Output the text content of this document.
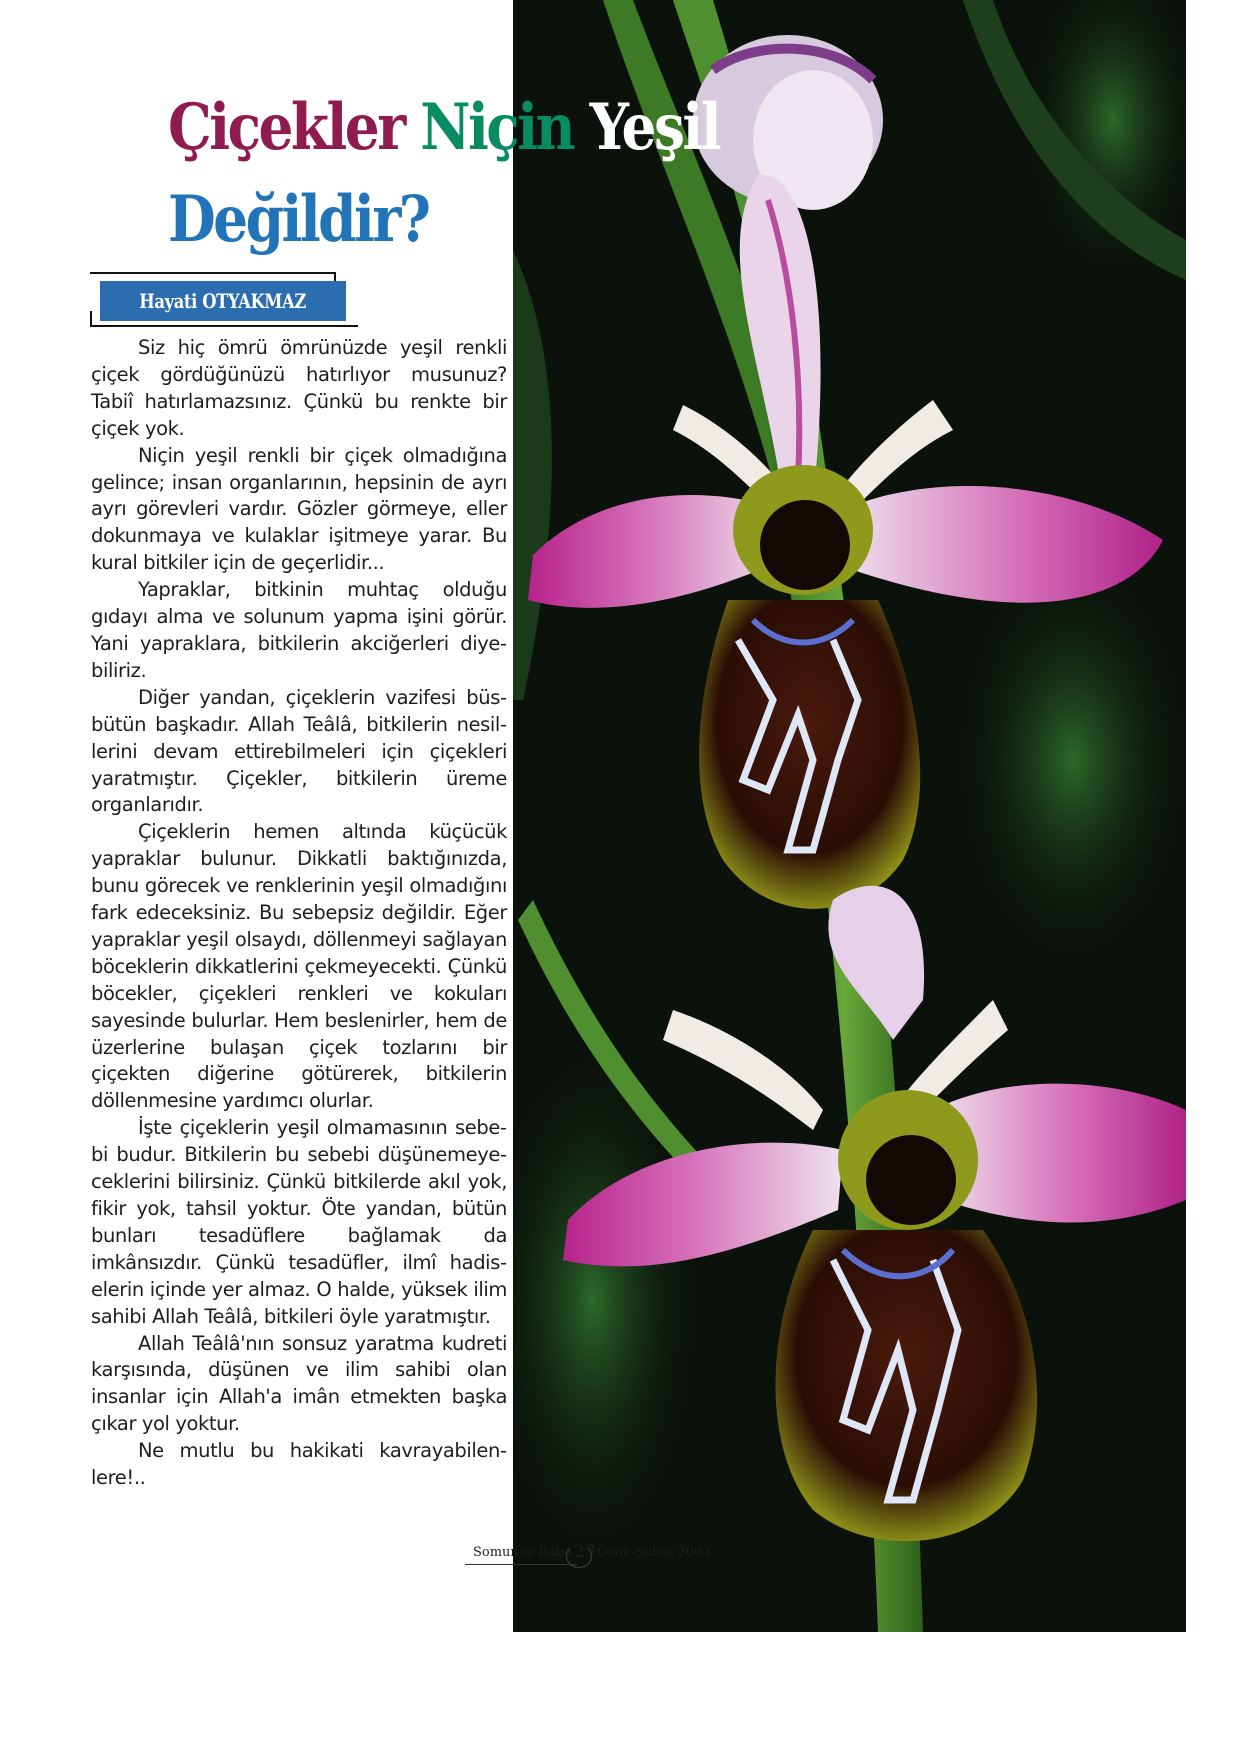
Çiçekler Niçin Yeşil
Değildir?
Hayati OTYAKMAZ

Siz hiç ömrü ömrünüzde yeşil renkli çiçek gördüğünüzü hatırlıyor musunuz? Tabiî hatırlamazsınız. Çünkü bu renkte bir çiçek yok.

Niçin yeşil renkli bir çiçek olmadığına gelince; insan organlarının, hepsinin de ayrı ayrı görevleri vardır. Gözler görmeye, eller dokunmaya ve kulaklar işitmeye yarar. Bu kural bitkiler için de geçerlidir...

Yapraklar, bitkinin muhtaç olduğu gıdayı alma ve solunum yapma işini görür. Yani yapraklara, bitkilerin akciğerleri diyebiliriz.

Diğer yandan, çiçeklerin vazifesi büsbütün başkadır. Allah Teâlâ, bitkilerin nesillerini devam ettirebilmeleri için çiçekleri yaratmıştır. Çiçekler, bitkilerin üreme organlarıdır.

Çiçeklerin hemen altında küçücük yapraklar bulunur. Dikkatli baktığınızda, bunu görecek ve renklerinin yeşil olmadığını fark edeceksiniz. Bu sebepsiz değildir. Eğer yapraklar yeşil olsaydı, döllenmeyi sağlayan böceklerin dikkatlerini çekmeyecekti. Çünkü böcekler, çiçekleri renkleri ve kokuları sayesinde bulurlar. Hem beslenirler, hem de üzerlerine bulaşan çiçek tozlarını bir çiçekten diğerine götürerek, bitkilerin döllenmesine yardımcı olurlar.

İşte çiçeklerin yeşil olmamasının sebebi budur. Bitkilerin bu sebebi düşünemeyeceklerini bilirsiniz. Çünkü bitkilerde akıl yok, fikir yok, tahsil yoktur. Öte yandan, bütün bunları tesadüflere bağlamak da imkânsızdır. Çünkü tesadüfler, ilmî hadiselerin içinde yer almaz. O halde, yüksek ilim sahibi Allah Teâlâ, bitkileri öyle yaratmıştır.

Allah Teâlâ'nın sonsuz yaratma kudreti karşısında, düşünen ve ilim sahibi olan insanlar için Allah'a imân etmekten başka çıkar yol yoktur.

Ne mutlu bu hakikati kavrayabilenlere!..

Somuncu Baba 23 Ocak-Şubat 2003
